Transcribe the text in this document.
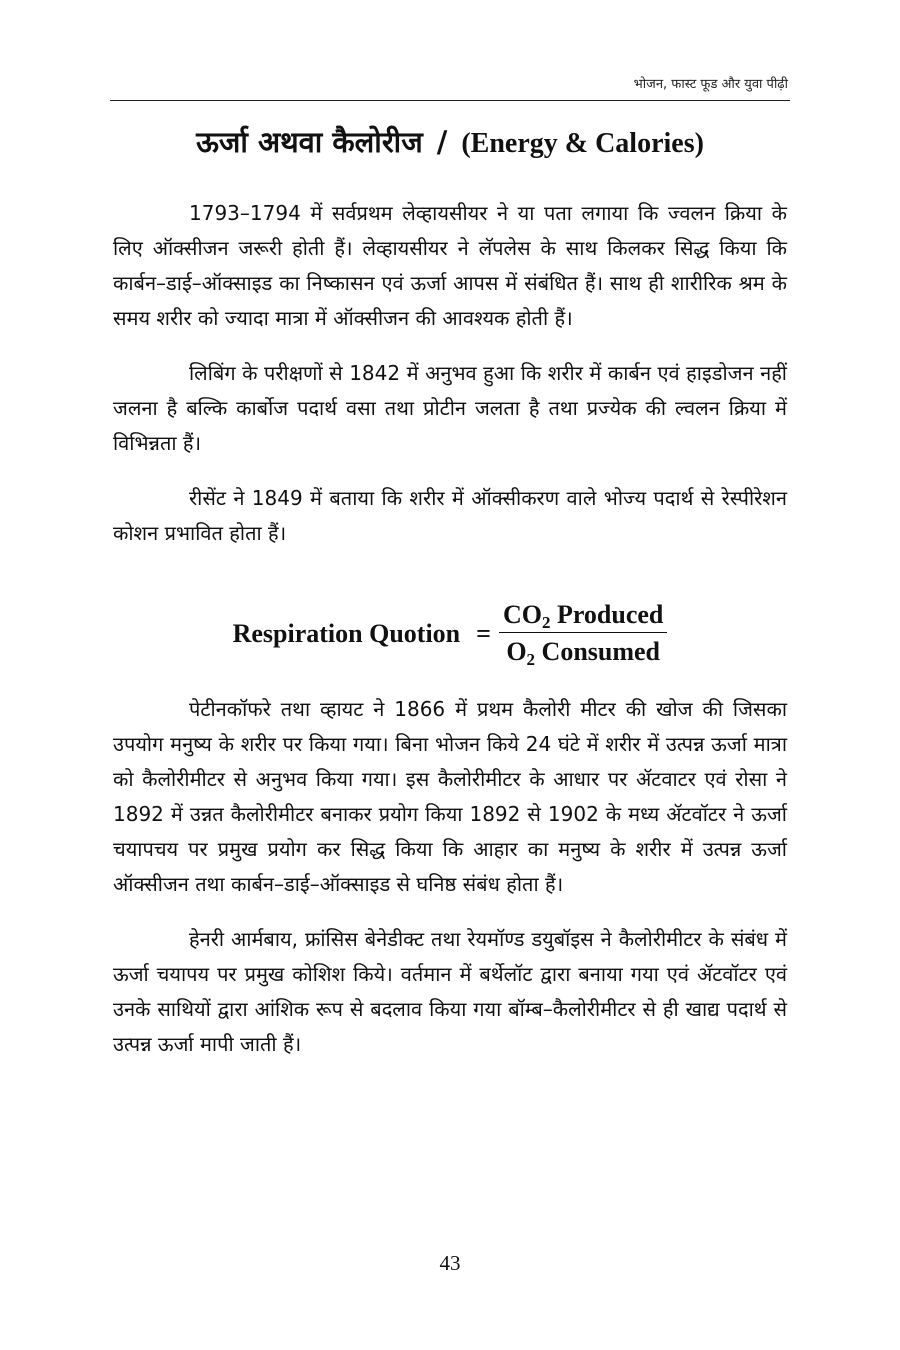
भोजन, फास्ट फूड और युवा पीढ़ी
ऊर्जा अथवा कैलोरीज / (Energy & Calories)

1793–1794 में सर्वप्रथम लेव्हायसीयर ने या पता लगाया कि ज्वलन क्रिया के लिए ऑक्सीजन जरूरी होती हैं। लेव्हायसीयर ने लॅपलेस के साथ किलकर सिद्ध किया कि कार्बन–डाई–ऑक्साइड का निष्कासन एवं ऊर्जा आपस में संबंधित हैं। साथ ही शारीरिक श्रम के समय शरीर को ज्यादा मात्रा में ऑक्सीजन की आवश्यक होती हैं।

लिबिंग के परीक्षणों से 1842 में अनुभव हुआ कि शरीर में कार्बन एवं हाइडोजन नहीं जलना है बल्कि कार्बोज पदार्थ वसा तथा प्रोटीन जलता है तथा प्रज्येक की ल्वलन क्रिया में विभिन्नता हैं।

रीसेंट ने 1849 में बताया कि शरीर में ऑक्सीकरण वाले भोज्य पदार्थ से रेस्पीरेशन कोशन प्रभावित होता हैं।

Respiration Quotion = $\frac{CO_2 Produced}{O_2 Consumed}$

पेटीनकॉफरे तथा व्हायट ने 1866 में प्रथम कैलोरी मीटर की खोज की जिसका उपयोग मनुष्य के शरीर पर किया गया। बिना भोजन किये 24 घंटे में शरीर में उत्पन्न ऊर्जा मात्रा को कैलोरीमीटर से अनुभव किया गया। इस कैलोरीमीटर के आधार पर ॲटवाटर एवं रोसा ने 1892 में उन्नत कैलोरीमीटर बनाकर प्रयोग किया 1892 से 1902 के मध्य ॲटवॉटर ने ऊर्जा चयापचय पर प्रमुख प्रयोग कर सिद्ध किया कि आहार का मनुष्य के शरीर में उत्पन्न ऊर्जा ऑक्सीजन तथा कार्बन–डाई–ऑक्साइड से घनिष्ठ संबंध होता हैं।

हेनरी आर्मबाय, फ्रांसिस बेनेडीक्ट तथा रेयमॉण्ड डयुबॉइस ने कैलोरीमीटर के संबंध में ऊर्जा चयापय पर प्रमुख कोशिश किये। वर्तमान में बर्थेलॉट द्वारा बनाया गया एवं ॲटवॉटर एवं उनके साथियों द्वारा आंशिक रूप से बदलाव किया गया बॉम्ब–कैलोरीमीटर से ही खाद्य पदार्थ से उत्पन्न ऊर्जा मापी जाती हैं।

43
